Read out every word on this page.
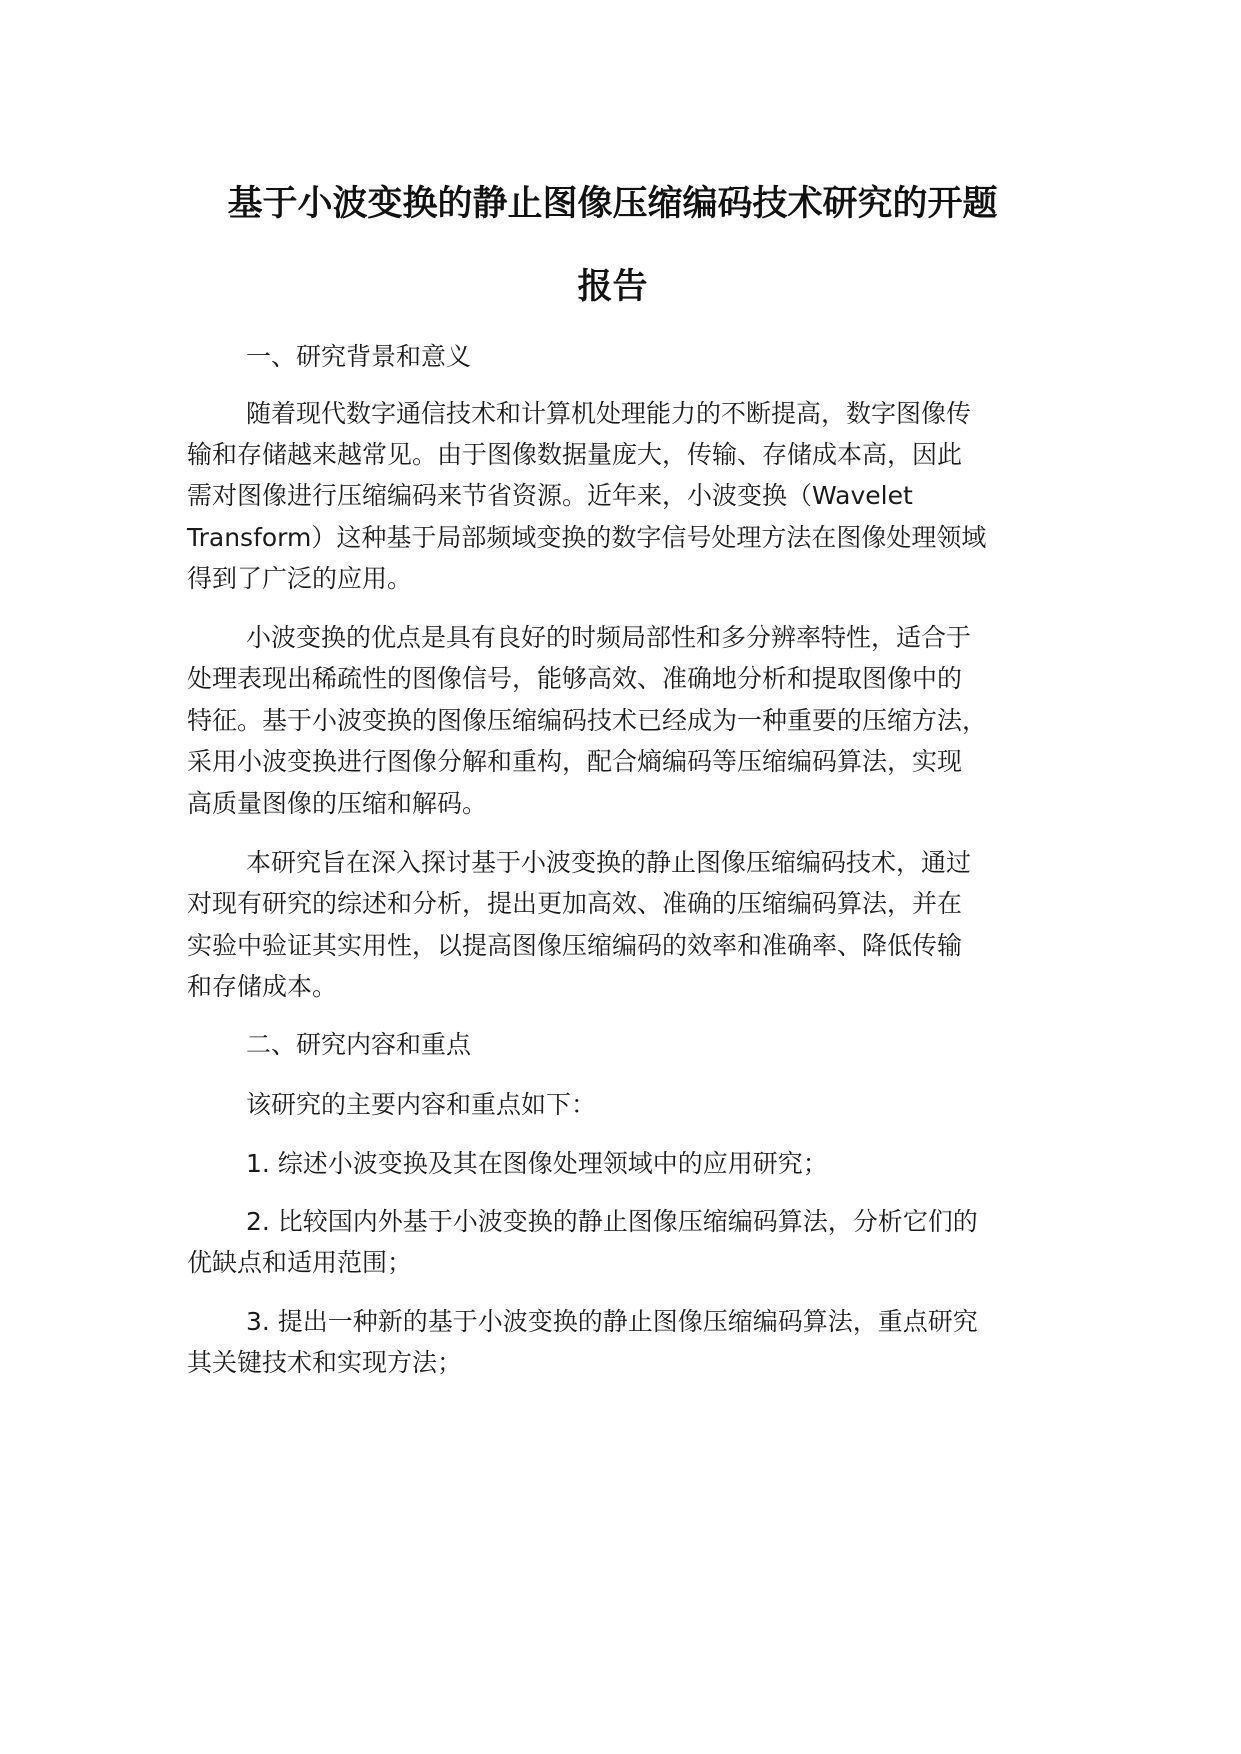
基于小波变换的静止图像压缩编码技术研究的开题
报告
一、研究背景和意义
随着现代数字通信技术和计算机处理能力的不断提高，数字图像传
输和存储越来越常见。由于图像数据量庞大，传输、存储成本高，因此
需对图像进行压缩编码来节省资源。近年来，小波变换（Wavelet
Transform）这种基于局部频域变换的数字信号处理方法在图像处理领域
得到了广泛的应用。
小波变换的优点是具有良好的时频局部性和多分辨率特性，适合于
处理表现出稀疏性的图像信号，能够高效、准确地分析和提取图像中的
特征。基于小波变换的图像压缩编码技术已经成为一种重要的压缩方法，
采用小波变换进行图像分解和重构，配合熵编码等压缩编码算法，实现
高质量图像的压缩和解码。
本研究旨在深入探讨基于小波变换的静止图像压缩编码技术，通过
对现有研究的综述和分析，提出更加高效、准确的压缩编码算法，并在
实验中验证其实用性，以提高图像压缩编码的效率和准确率、降低传输
和存储成本。
二、研究内容和重点
该研究的主要内容和重点如下：
1. 综述小波变换及其在图像处理领域中的应用研究；
2. 比较国内外基于小波变换的静止图像压缩编码算法，分析它们的
优缺点和适用范围；
3. 提出一种新的基于小波变换的静止图像压缩编码算法，重点研究
其关键技术和实现方法；
